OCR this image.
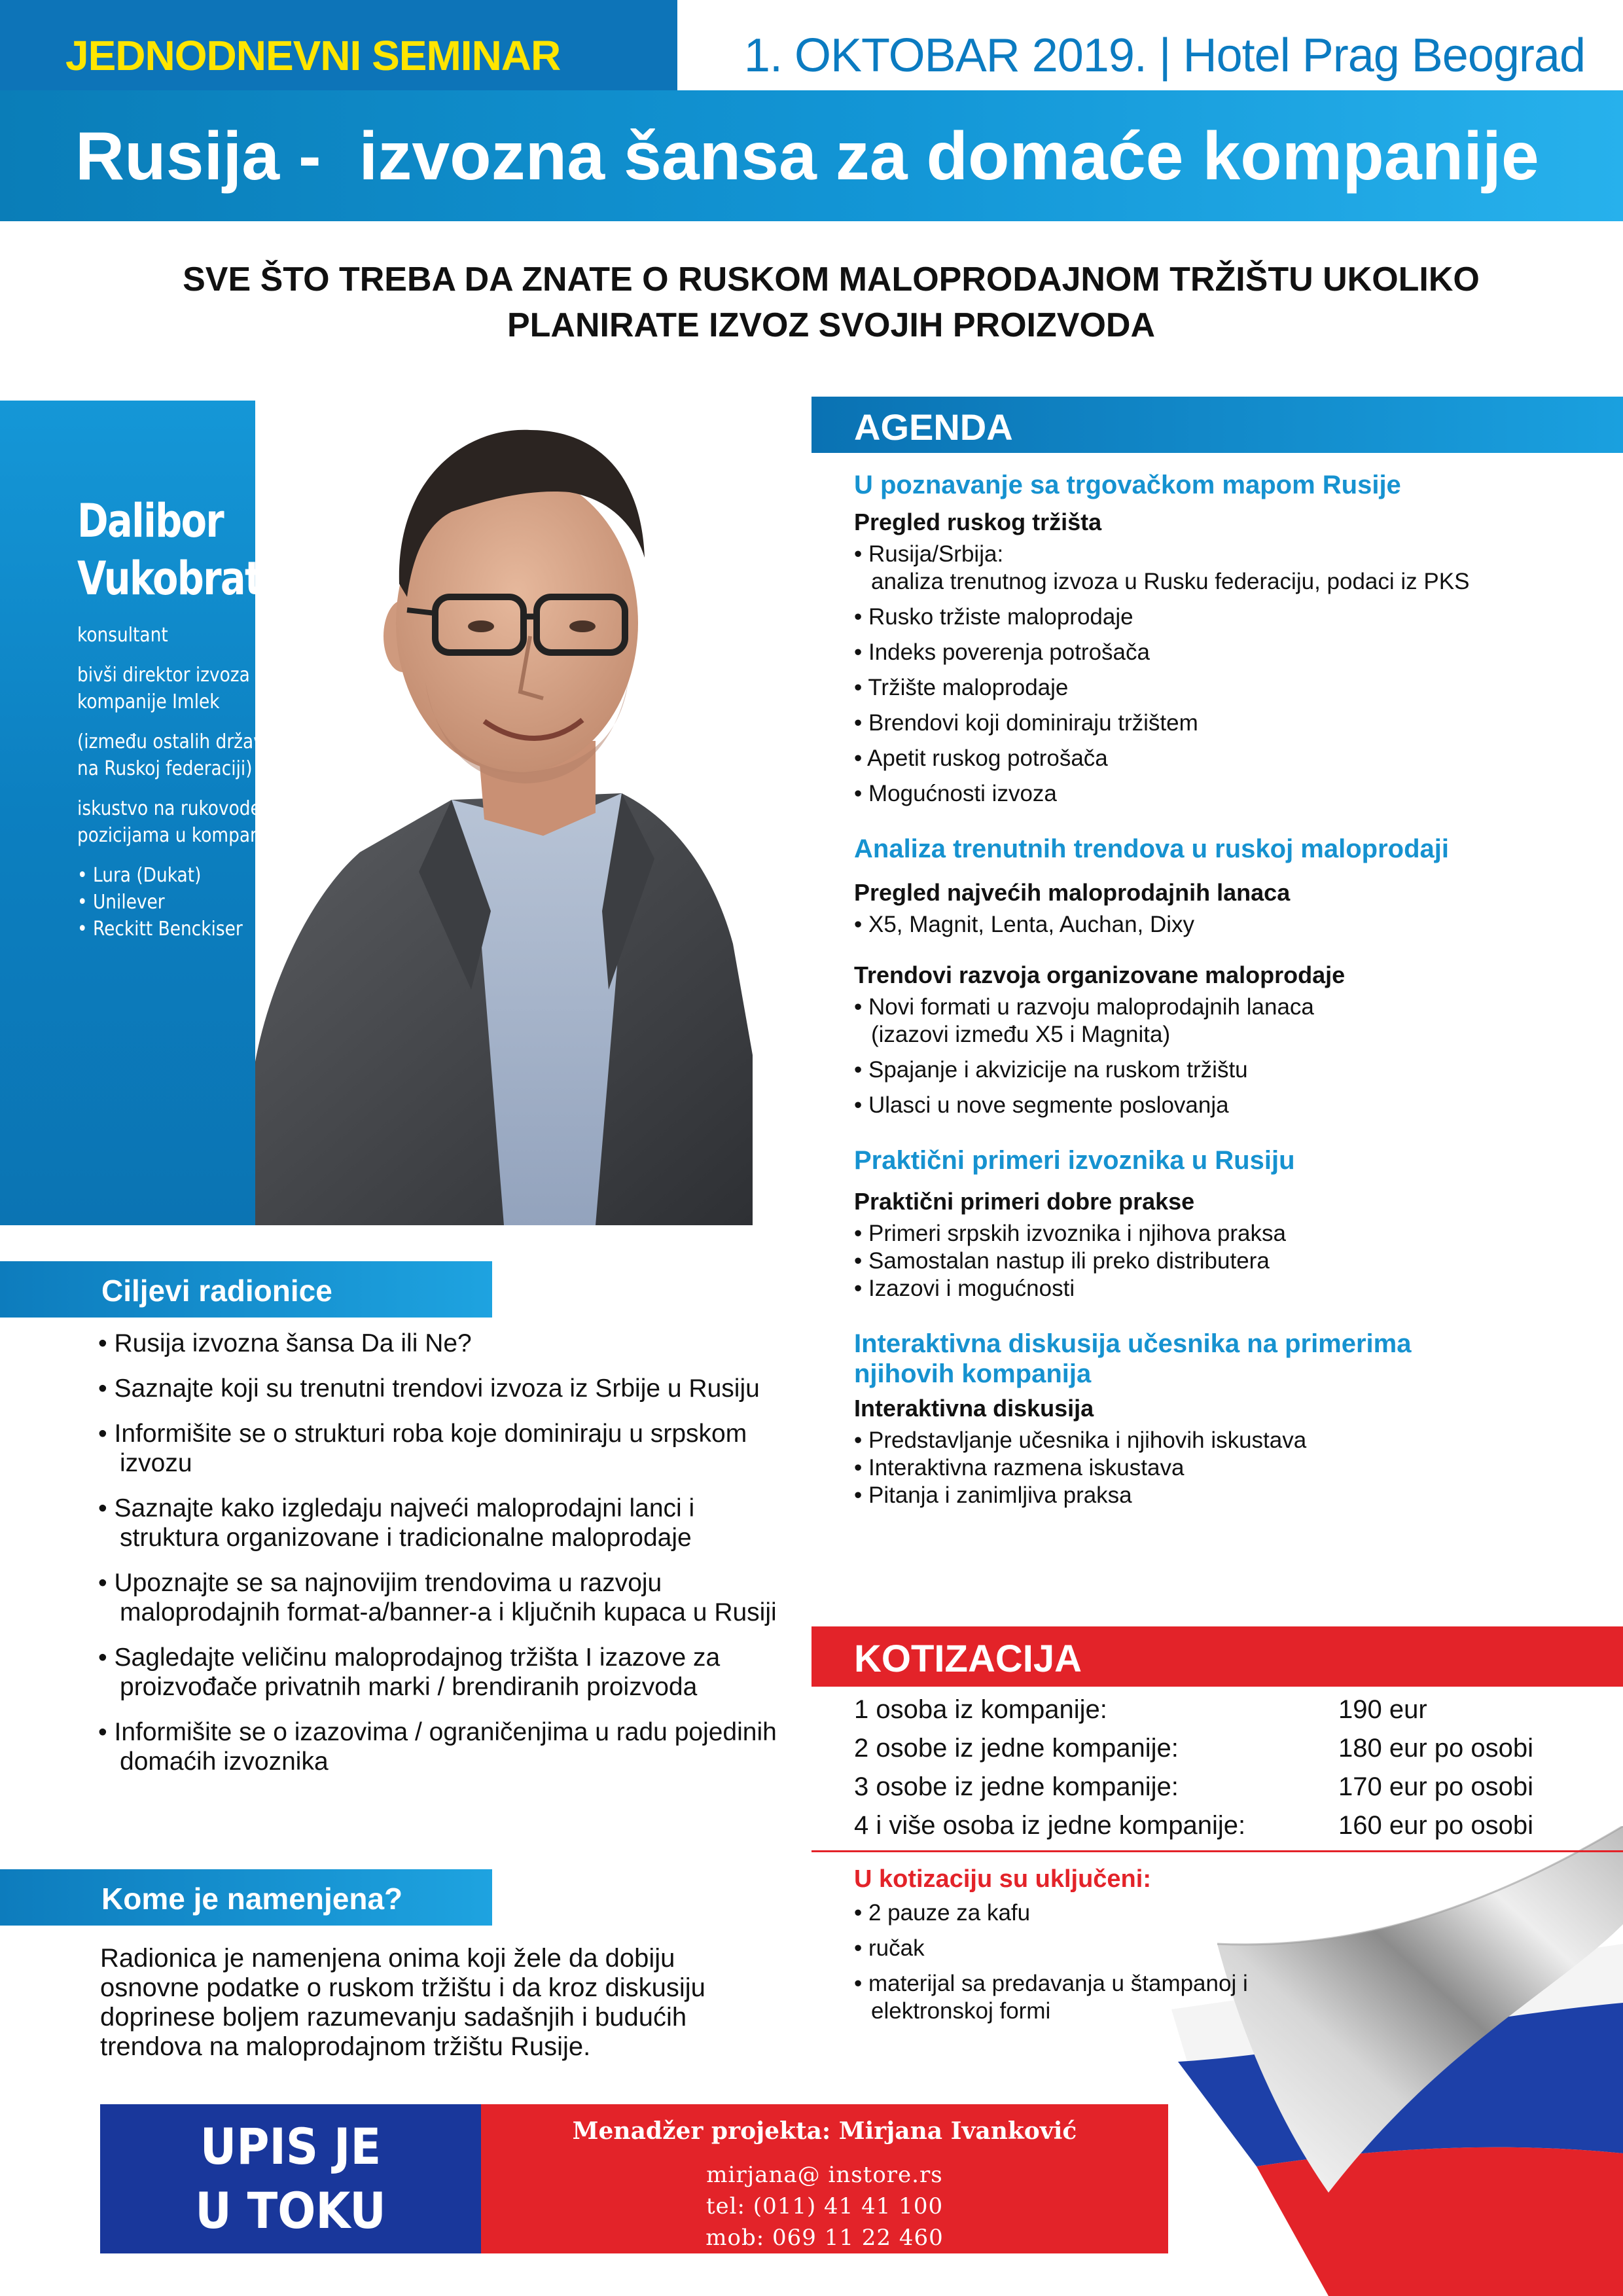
JEDNODNEVNI SEMINAR	1. OKTOBAR 2019. | Hotel Prag Beograd
Rusija -  izvozna šansa za domaće kompanije
SVE ŠTO TREBA DA ZNATE O RUSKOM MALOPRODAJNOM TRŽIŠTU UKOLIKO
PLANIRATE IZVOZ SVOJIH PROIZVODA
Dalibor
Vukobrat
konsultant
bivši direktor izvoza
kompanije Imlek
(između ostalih država fokus
na Ruskoj federaciji)
iskustvo na rukovodećeim
pozicijama u kompanijama
• Lura (Dukat)
• Unilever
• Reckitt Benckiser
Ciljevi radionice
• Rusija izvozna šansa Da ili Ne?
• Saznajte koji su trenutni trendovi izvoza iz Srbije u Rusiju
• Informišite se o strukturi roba koje dominiraju u srpskom izvozu
• Saznajte kako izgledaju najveći maloprodajni lanci i struktura organizovane i tradicionalne maloprodaje
• Upoznajte se sa najnovijim trendovima u razvoju maloprodajnih format-a/banner-a i ključnih kupaca u Rusiji
• Sagledajte veličinu maloprodajnog tržišta I izazove za proizvođače privatnih marki / brendiranih proizvoda
• Informišite se o izazovima / ograničenjima u radu pojedinih domaćih izvoznika
Kome je namenjena?
Radionica je namenjena onima koji žele da dobiju osnovne podatke o ruskom tržištu i da kroz diskusiju doprinese boljem razumevanju sadašnjih i budućih trendova na maloprodajnom tržištu Rusije.
AGENDA
U poznavanje sa trgovačkom mapom Rusije
Pregled ruskog tržišta
• Rusija/Srbija:
analiza trenutnog izvoza u Rusku federaciju, podaci iz PKS
• Rusko tržiste maloprodaje
• Indeks poverenja potrošača
• Tržište maloprodaje
• Brendovi koji dominiraju tržištem
• Apetit ruskog potrošača
• Mogućnosti izvoza
Analiza trenutnih trendova u ruskoj maloprodaji
Pregled najvećih maloprodajnih lanaca
• X5, Magnit, Lenta, Auchan, Dixy
Trendovi razvoja organizovane maloprodaje
• Novi formati u razvoju maloprodajnih lanaca
(izazovi između X5 i Magnita)
• Spajanje i akvizicije na ruskom tržištu
• Ulasci u nove segmente poslovanja
Praktični primeri izvoznika u Rusiju
Praktični primeri dobre prakse
• Primeri srpskih izvoznika i njihova praksa
• Samostalan nastup ili preko distributera
• Izazovi i mogućnosti
Interaktivna diskusija učesnika na primerima
njihovih kompanija
Interaktivna diskusija
• Predstavljanje učesnika i njihovih iskustava
• Interaktivna razmena iskustava
• Pitanja i zanimljiva praksa
KOTIZACIJA
1 osoba iz kompanije:	190 eur
2 osobe iz jedne kompanije:	180 eur po osobi
3 osobe iz jedne kompanije:	170 eur po osobi
4 i više osoba iz jedne kompanije:	160 eur po osobi
U kotizaciju su uključeni:
• 2 pauze za kafu
• ručak
• materijal sa predavanja u štampanoj i elektronskoj formi
UPIS JE
U TOKU
Menadžer projekta: Mirjana Ivanković
mirjana@ instore.rs
tel: (011) 41 41 100
mob: 069 11 22 460
